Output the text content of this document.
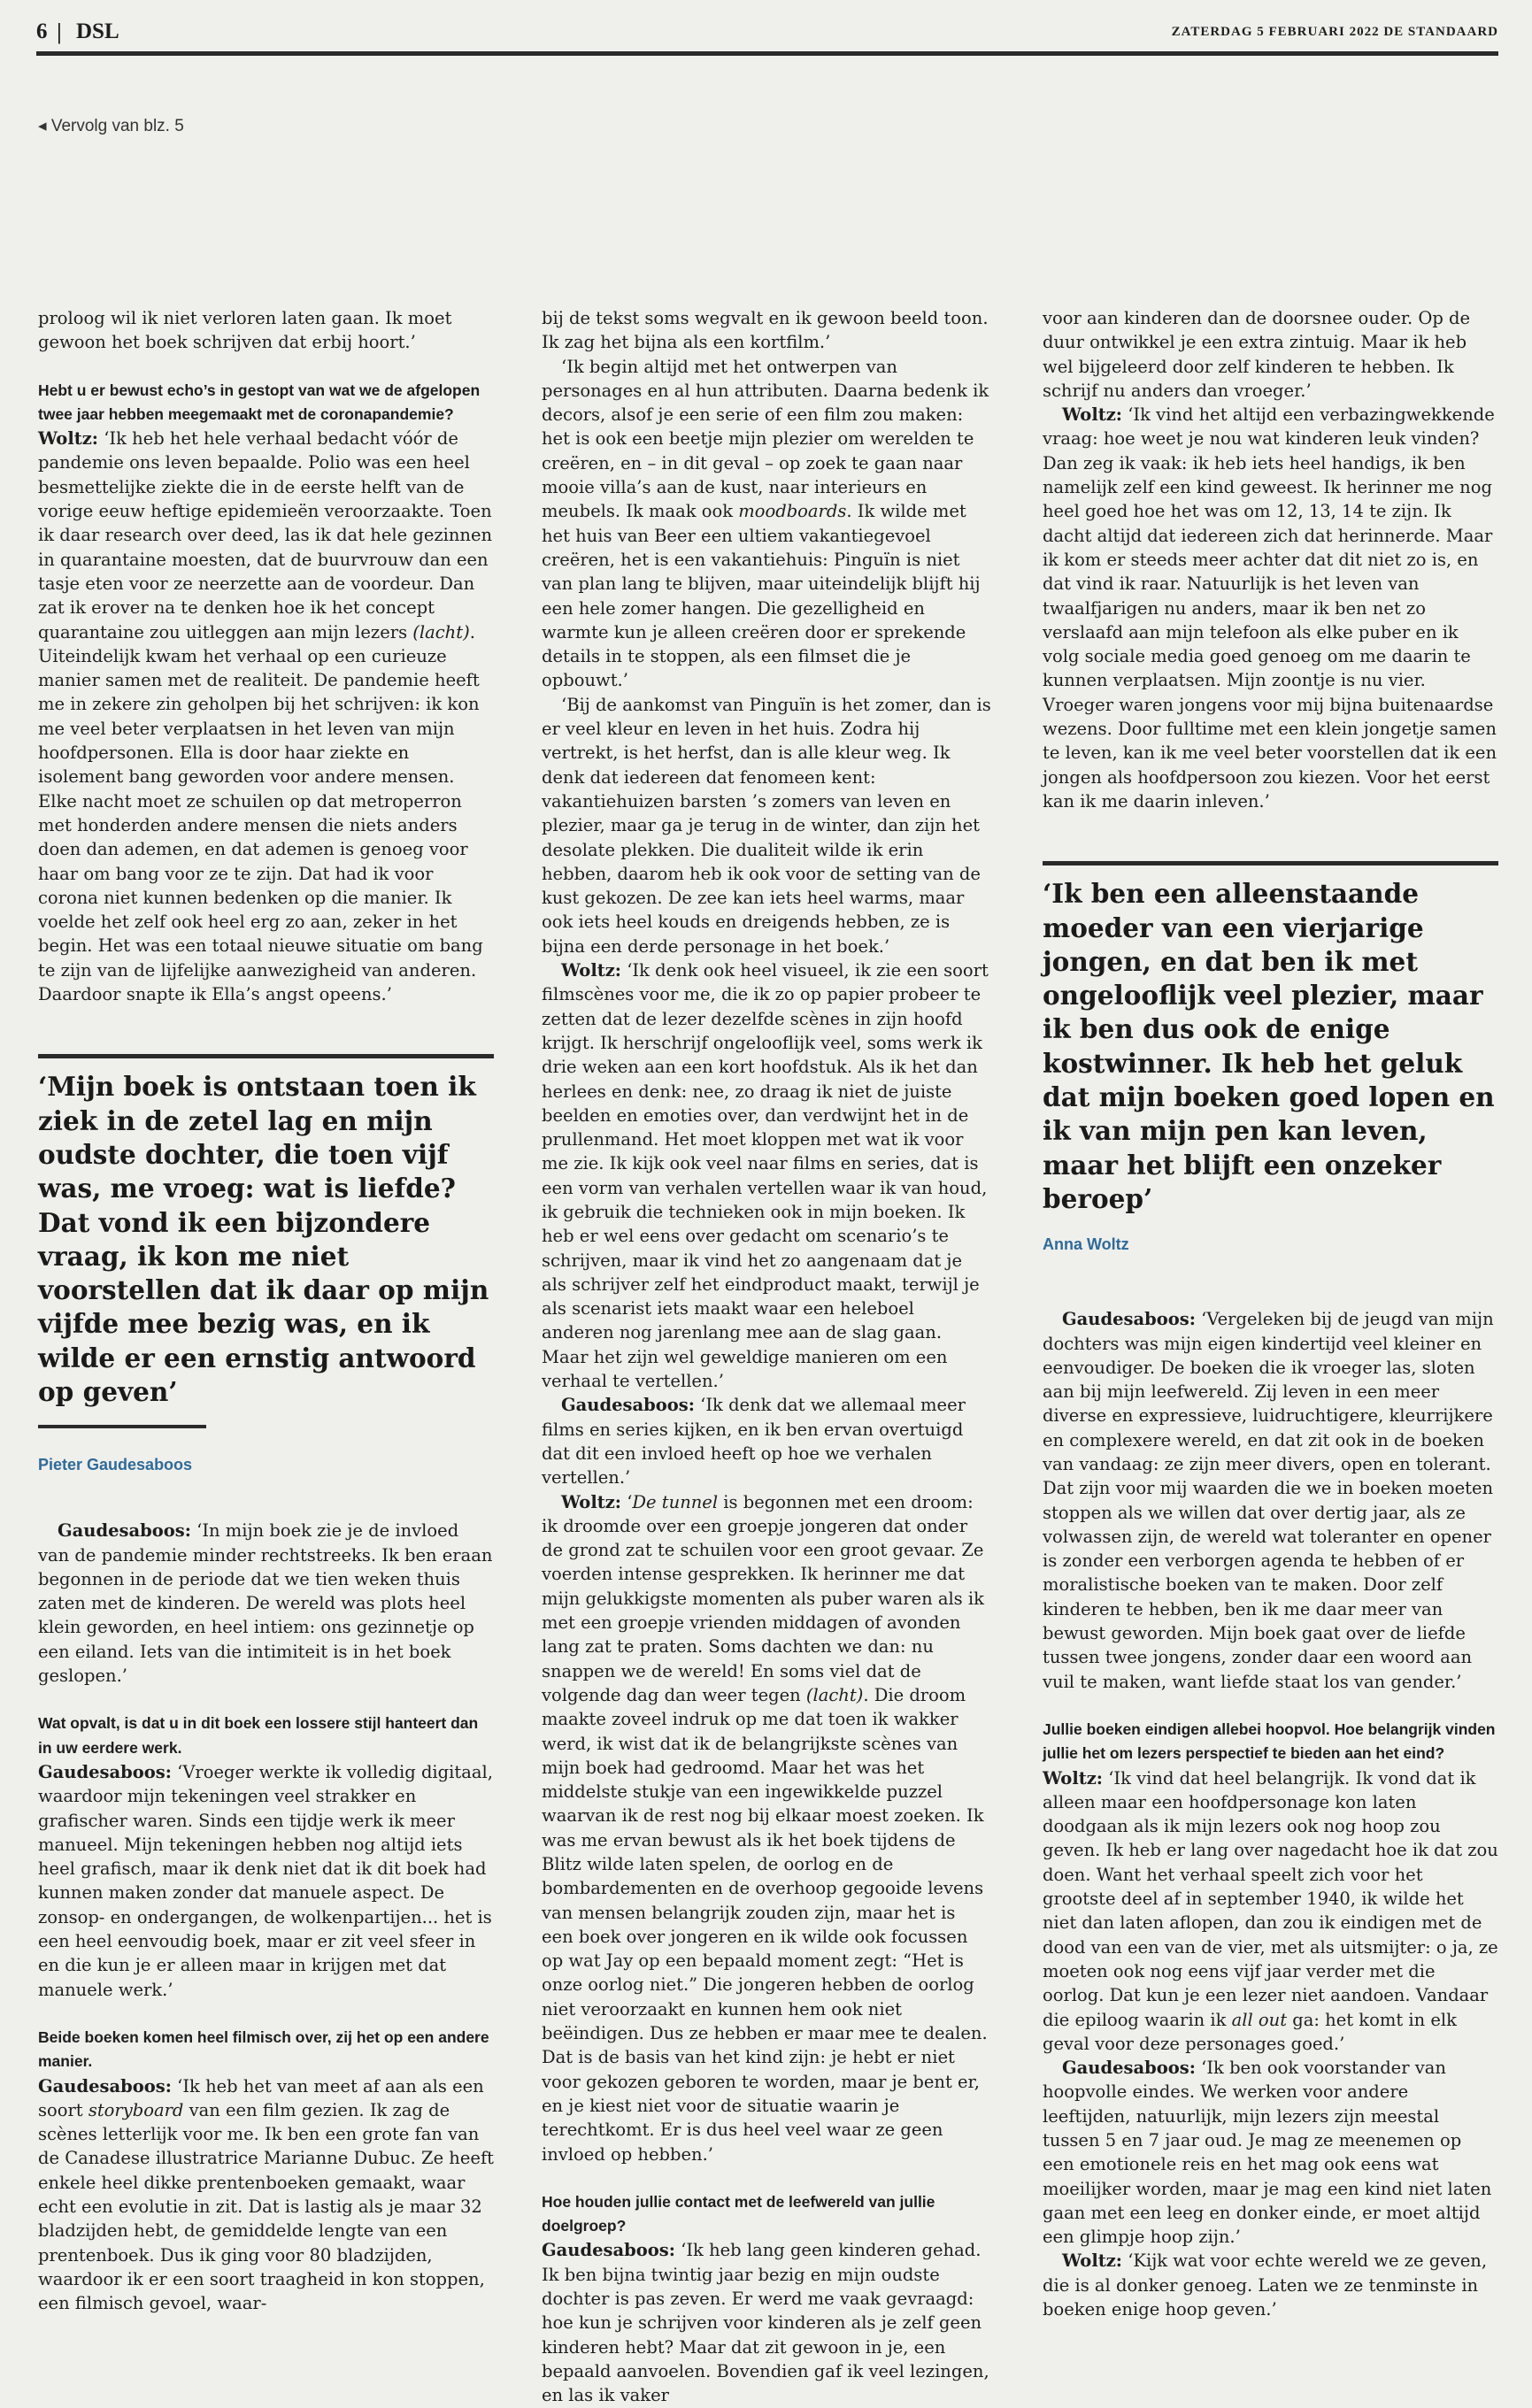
6 | DSL	ZATERDAG 5 FEBRUARI 2022 DE STANDAARD
◂ Vervolg van blz. 5

proloog wil ik niet verloren laten gaan. Ik moet gewoon het boek schrijven dat erbij hoort.’

Hebt u er bewust echo’s in gestopt van wat we de afgelopen twee jaar hebben meegemaakt met de coronapandemie?

Woltz: ‘Ik heb het hele verhaal bedacht vóór de pandemie ons leven bepaalde. Polio was een heel besmettelijke ziekte die in de eerste helft van de vorige eeuw heftige epidemieën veroorzaakte. Toen ik daar research over deed, las ik dat hele gezinnen in quarantaine moesten, dat de buurvrouw dan een tasje eten voor ze neerzette aan de voordeur. Dan zat ik erover na te denken hoe ik het concept quarantaine zou uitleggen aan mijn lezers (lacht). Uiteindelijk kwam het verhaal op een curieuze manier samen met de realiteit. De pandemie heeft me in zekere zin geholpen bij het schrijven: ik kon me veel beter verplaatsen in het leven van mijn hoofdpersonen. Ella is door haar ziekte en isolement bang geworden voor andere mensen. Elke nacht moet ze schuilen op dat metroperron met honderden andere mensen die niets anders doen dan ademen, en dat ademen is genoeg voor haar om bang voor ze te zijn. Dat had ik voor corona niet kunnen bedenken op die manier. Ik voelde het zelf ook heel erg zo aan, zeker in het begin. Het was een totaal nieuwe situatie om bang te zijn van de lijfelijke aanwezigheid van anderen. Daardoor snapte ik Ella’s angst opeens.’

‘Mijn boek is ontstaan toen ik ziek in de zetel lag en mijn oudste dochter, die toen vijf was, me vroeg: wat is liefde? Dat vond ik een bijzondere vraag, ik kon me niet voorstellen dat ik daar op mijn vijfde mee bezig was, en ik wilde er een ernstig antwoord op geven’

Pieter Gaudesaboos

Gaudesaboos: ‘In mijn boek zie je de invloed van de pandemie minder rechtstreeks. Ik ben eraan begonnen in de periode dat we tien weken thuis zaten met de kinderen. De wereld was plots heel klein geworden, en heel intiem: ons gezinnetje op een eiland. Iets van die intimiteit is in het boek geslopen.’

Wat opvalt, is dat u in dit boek een lossere stijl hanteert dan in uw eerdere werk.

Gaudesaboos: ‘Vroeger werkte ik volledig digitaal, waardoor mijn tekeningen veel strakker en grafischer waren. Sinds een tijdje werk ik meer manueel. Mijn tekeningen hebben nog altijd iets heel grafisch, maar ik denk niet dat ik dit boek had kunnen maken zonder dat manuele aspect. De zonsop- en ondergangen, de wolkenpartijen... het is een heel eenvoudig boek, maar er zit veel sfeer in en die kun je er alleen maar in krijgen met dat manuele werk.’

Beide boeken komen heel filmisch over, zij het op een andere manier.

Gaudesaboos: ‘Ik heb het van meet af aan als een soort storyboard van een film gezien. Ik zag de scènes letterlijk voor me. Ik ben een grote fan van de Canadese illustratrice Marianne Dubuc. Ze heeft enkele heel dikke prentenboeken gemaakt, waar echt een evolutie in zit. Dat is lastig als je maar 32 bladzijden hebt, de gemiddelde lengte van een prentenboek. Dus ik ging voor 80 bladzijden, waardoor ik er een soort traagheid in kon stoppen, een filmisch gevoel, waar-

bij de tekst soms wegvalt en ik gewoon beeld toon. Ik zag het bijna als een kortfilm.’

‘Ik begin altijd met het ontwerpen van personages en al hun attributen. Daarna bedenk ik decors, alsof je een serie of een film zou maken: het is ook een beetje mijn plezier om werelden te creëren, en – in dit geval – op zoek te gaan naar mooie villa’s aan de kust, naar interieurs en meubels. Ik maak ook moodboards. Ik wilde met het huis van Beer een ultiem vakantiegevoel creëren, het is een vakantiehuis: Pinguïn is niet van plan lang te blijven, maar uiteindelijk blijft hij een hele zomer hangen. Die gezelligheid en warmte kun je alleen creëren door er sprekende details in te stoppen, als een filmset die je opbouwt.’

‘Bij de aankomst van Pinguïn is het zomer, dan is er veel kleur en leven in het huis. Zodra hij vertrekt, is het herfst, dan is alle kleur weg. Ik denk dat iedereen dat fenomeen kent: vakantiehuizen barsten ’s zomers van leven en plezier, maar ga je terug in de winter, dan zijn het desolate plekken. Die dualiteit wilde ik erin hebben, daarom heb ik ook voor de setting van de kust gekozen. De zee kan iets heel warms, maar ook iets heel kouds en dreigends hebben, ze is bijna een derde personage in het boek.’

Woltz: ‘Ik denk ook heel visueel, ik zie een soort filmscènes voor me, die ik zo op papier probeer te zetten dat de lezer dezelfde scènes in zijn hoofd krijgt. Ik herschrijf ongelooflijk veel, soms werk ik drie weken aan een kort hoofdstuk. Als ik het dan herlees en denk: nee, zo draag ik niet de juiste beelden en emoties over, dan verdwijnt het in de prullenmand. Het moet kloppen met wat ik voor me zie. Ik kijk ook veel naar films en series, dat is een vorm van verhalen vertellen waar ik van houd, ik gebruik die technieken ook in mijn boeken. Ik heb er wel eens over gedacht om scenario’s te schrijven, maar ik vind het zo aangenaam dat je als schrijver zelf het eindproduct maakt, terwijl je als scenarist iets maakt waar een heleboel anderen nog jarenlang mee aan de slag gaan. Maar het zijn wel geweldige manieren om een verhaal te vertellen.’

Gaudesaboos: ‘Ik denk dat we allemaal meer films en series kijken, en ik ben ervan overtuigd dat dit een invloed heeft op hoe we verhalen vertellen.’

Woltz: ‘De tunnel is begonnen met een droom: ik droomde over een groepje jongeren dat onder de grond zat te schuilen voor een groot gevaar. Ze voerden intense gesprekken. Ik herinner me dat mijn gelukkigste momenten als puber waren als ik met een groepje vrienden middagen of avonden lang zat te praten. Soms dachten we dan: nu snappen we de wereld! En soms viel dat de volgende dag dan weer tegen (lacht). Die droom maakte zoveel indruk op me dat toen ik wakker werd, ik wist dat ik de belangrijkste scènes van mijn boek had gedroomd. Maar het was het middelste stukje van een ingewikkelde puzzel waarvan ik de rest nog bij elkaar moest zoeken. Ik was me ervan bewust als ik het boek tijdens de Blitz wilde laten spelen, de oorlog en de bombardementen en de overhoop gegooide levens van mensen belangrijk zouden zijn, maar het is een boek over jongeren en ik wilde ook focussen op wat Jay op een bepaald moment zegt: “Het is onze oorlog niet.” Die jongeren hebben de oorlog niet veroorzaakt en kunnen hem ook niet beëindigen. Dus ze hebben er maar mee te dealen. Dat is de basis van het kind zijn: je hebt er niet voor gekozen geboren te worden, maar je bent er, en je kiest niet voor de situatie waarin je terechtkomt. Er is dus heel veel waar ze geen invloed op hebben.’

Hoe houden jullie contact met de leefwereld van jullie doelgroep?

Gaudesaboos: ‘Ik heb lang geen kinderen gehad. Ik ben bijna twintig jaar bezig en mijn oudste dochter is pas zeven. Er werd me vaak gevraagd: hoe kun je schrijven voor kinderen als je zelf geen kinderen hebt? Maar dat zit gewoon in je, een bepaald aanvoelen. Bovendien gaf ik veel lezingen, en las ik vaker

voor aan kinderen dan de doorsnee ouder. Op de duur ontwikkel je een extra zintuig. Maar ik heb wel bijgeleerd door zelf kinderen te hebben. Ik schrijf nu anders dan vroeger.’

Woltz: ‘Ik vind het altijd een verbazingwekkende vraag: hoe weet je nou wat kinderen leuk vinden? Dan zeg ik vaak: ik heb iets heel handigs, ik ben namelijk zelf een kind geweest. Ik herinner me nog heel goed hoe het was om 12, 13, 14 te zijn. Ik dacht altijd dat iedereen zich dat herinnerde. Maar ik kom er steeds meer achter dat dit niet zo is, en dat vind ik raar. Natuurlijk is het leven van twaalfjarigen nu anders, maar ik ben net zo verslaafd aan mijn telefoon als elke puber en ik volg sociale media goed genoeg om me daarin te kunnen verplaatsen. Mijn zoontje is nu vier. Vroeger waren jongens voor mij bijna buitenaardse wezens. Door fulltime met een klein jongetje samen te leven, kan ik me veel beter voorstellen dat ik een jongen als hoofdpersoon zou kiezen. Voor het eerst kan ik me daarin inleven.’

‘Ik ben een alleenstaande moeder van een vierjarige jongen, en dat ben ik met ongelooflijk veel plezier, maar ik ben dus ook de enige kostwinner. Ik heb het geluk dat mijn boeken goed lopen en ik van mijn pen kan leven, maar het blijft een onzeker beroep’

Anna Woltz

Gaudesaboos: ‘Vergeleken bij de jeugd van mijn dochters was mijn eigen kindertijd veel kleiner en eenvoudiger. De boeken die ik vroeger las, sloten aan bij mijn leefwereld. Zij leven in een meer diverse en expressieve, luidruchtigere, kleurrijkere en complexere wereld, en dat zit ook in de boeken van vandaag: ze zijn meer divers, open en tolerant. Dat zijn voor mij waarden die we in boeken moeten stoppen als we willen dat over dertig jaar, als ze volwassen zijn, de wereld wat toleranter en opener is zonder een verborgen agenda te hebben of er moralistische boeken van te maken. Door zelf kinderen te hebben, ben ik me daar meer van bewust geworden. Mijn boek gaat over de liefde tussen twee jongens, zonder daar een woord aan vuil te maken, want liefde staat los van gender.’

Jullie boeken eindigen allebei hoopvol. Hoe belangrijk vinden jullie het om lezers perspectief te bieden aan het eind?

Woltz: ‘Ik vind dat heel belangrijk. Ik vond dat ik alleen maar een hoofdpersonage kon laten doodgaan als ik mijn lezers ook nog hoop zou geven. Ik heb er lang over nagedacht hoe ik dat zou doen. Want het verhaal speelt zich voor het grootste deel af in september 1940, ik wilde het niet dan laten aflopen, dan zou ik eindigen met de dood van een van de vier, met als uitsmijter: o ja, ze moeten ook nog eens vijf jaar verder met die oorlog. Dat kun je een lezer niet aandoen. Vandaar die epiloog waarin ik all out ga: het komt in elk geval voor deze personages goed.’

Gaudesaboos: ‘Ik ben ook voorstander van hoopvolle eindes. We werken voor andere leeftijden, natuurlijk, mijn lezers zijn meestal tussen 5 en 7 jaar oud. Je mag ze meenemen op een emotionele reis en het mag ook eens wat moeilijker worden, maar je mag een kind niet laten gaan met een leeg en donker einde, er moet altijd een glimpje hoop zijn.’

Woltz: ‘Kijk wat voor echte wereld we ze geven, die is al donker genoeg. Laten we ze tenminste in boeken enige hoop geven.’
